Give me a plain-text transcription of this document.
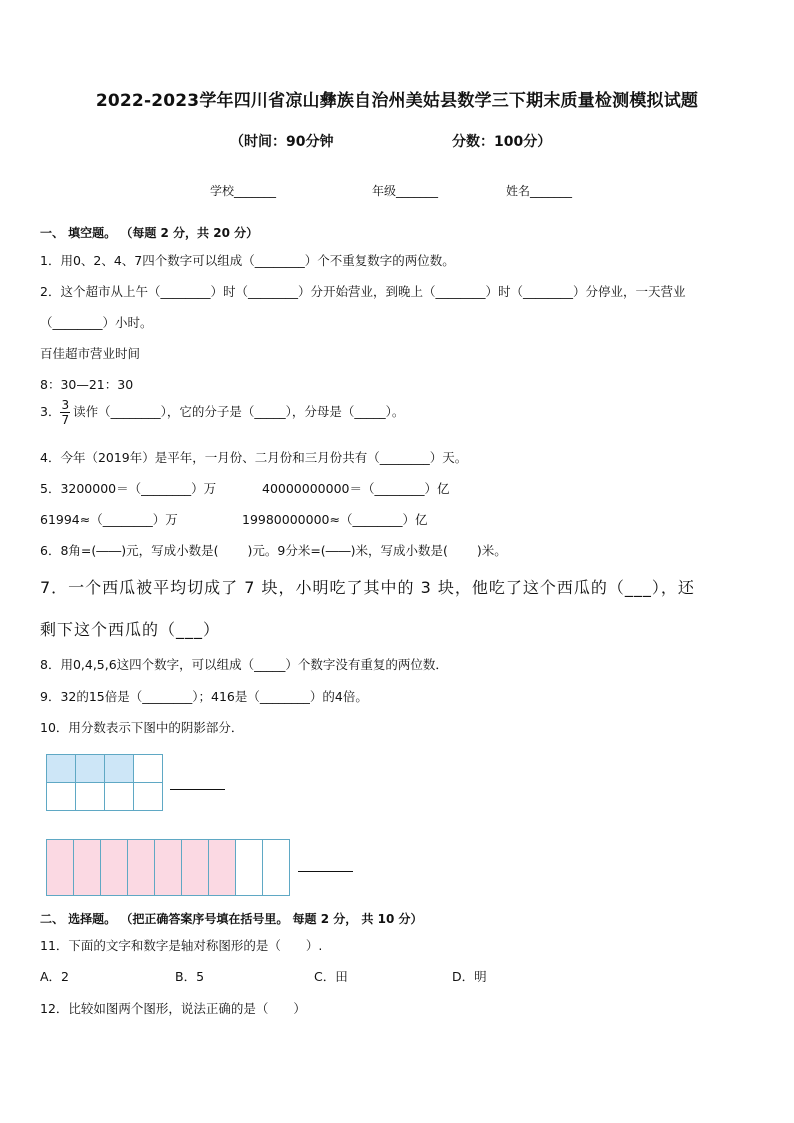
2022-2023学年四川省凉山彝族自治州美姑县数学三下期末质量检测模拟试题
（时间：90分钟	分数：100分）
学校_______	年级_______	姓名_______
一、 填空题。 （每题 2 分，共 20 分）
1．用0、2、4、7四个数字可以组成（________）个不重复数字的两位数。
2．这个超市从上午（________）时（________）分开始营业，到晚上（________）时（________）分停业，一天营业
（________）小时。
百佳超市营业时间
8：30—21：30
3． $\frac{3}{7}$ 读作（________），它的分子是（_____），分母是（_____）。
4．今年（2019年）是平年，一月份、二月份和三月份共有（________）天。
5．3200000＝（________）万	40000000000＝（________）亿
61994≈（________）万	19980000000≈（________）亿
6．8角=(――)元，写成小数是(　　 )元。9分米=(――)米，写成小数是(　　 )米。
7．一个西瓜被平均切成了 7 块，小明吃了其中的 3 块，他吃了这个西瓜的（___），还
剩下这个西瓜的（___）
8．用0,4,5,6这四个数字，可以组成（_____）个数字没有重复的两位数．
9．32的15倍是（________）；416是（________）的4倍。
10．用分数表示下图中的阴影部分．

二、 选择题。 （把正确答案序号填在括号里。 每题 2 分， 共 10 分）
11．下面的文字和数字是轴对称图形的是（　　）.
A．2	B．5	C．田	D．明
12．比较如图两个图形，说法正确的是（　　）
